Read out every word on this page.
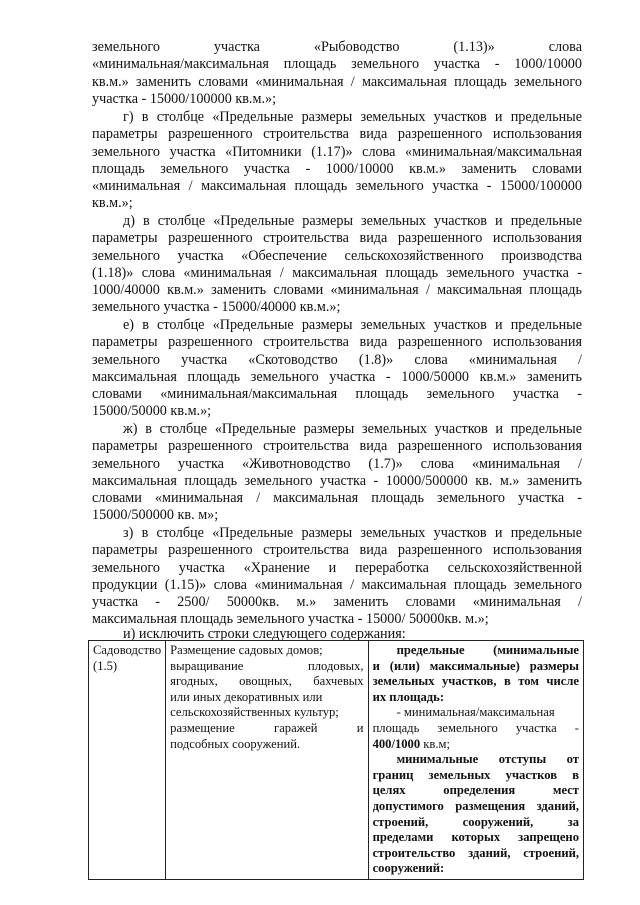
земельного участка «Рыбоводство (1.13)» слова
«минимальная/максимальная площадь земельного участка - 1000/10000
кв.м.» заменить словами «минимальная / максимальная площадь земельного
участка - 15000/100000 кв.м.»;
г) в столбце «Предельные размеры земельных участков и предельные
параметры разрешенного строительства вида разрешенного использования
земельного участка «Питомники (1.17)» слова «минимальная/максимальная
площадь земельного участка - 1000/10000 кв.м.» заменить словами
«минимальная / максимальная площадь земельного участка - 15000/100000
кв.м.»;
д) в столбце «Предельные размеры земельных участков и предельные
параметры разрешенного строительства вида разрешенного использования
земельного участка «Обеспечение сельскохозяйственного производства
(1.18)» слова «минимальная / максимальная площадь земельного участка -
1000/40000 кв.м.» заменить словами «минимальная / максимальная площадь
земельного участка - 15000/40000 кв.м.»;
е) в столбце «Предельные размеры земельных участков и предельные
параметры разрешенного строительства вида разрешенного использования
земельного участка «Скотоводство (1.8)» слова «минимальная /
максимальная площадь земельного участка - 1000/50000 кв.м.» заменить
словами «минимальная/максимальная площадь земельного участка -
15000/50000 кв.м.»;
ж) в столбце «Предельные размеры земельных участков и предельные
параметры разрешенного строительства вида разрешенного использования
земельного участка «Животноводство (1.7)» слова «минимальная /
максимальная площадь земельного участка - 10000/500000 кв. м.» заменить
словами «минимальная / максимальная площадь земельного участка -
15000/500000 кв. м»;
з) в столбце «Предельные размеры земельных участков и предельные
параметры разрешенного строительства вида разрешенного использования
земельного участка «Хранение и переработка сельскохозяйственной
продукции (1.15)» слова «минимальная / максимальная площадь земельного
участка - 2500/ 50000кв. м.» заменить словами «минимальная /
максимальная площадь земельного участка - 15000/ 50000кв. м.»;
и) исключить строки следующего содержания:
Садоводство
(1.5)

Размещение садовых домов;
выращивание плодовых,
ягодных, овощных, бахчевых
или иных декоративных или
сельскохозяйственных культур;
размещение гаражей и
подсобных сооружений.

предельные (минимальные
и (или) максимальные) размеры
земельных участков, в том числе
их площадь:
- минимальная/максимальная
площадь земельного участка -
400/1000 кв.м;
минимальные отступы от
границ земельных участков в
целях определения мест
допустимого размещения зданий,
строений, сооружений, за
пределами которых запрещено
строительство зданий, строений,
сооружений:
